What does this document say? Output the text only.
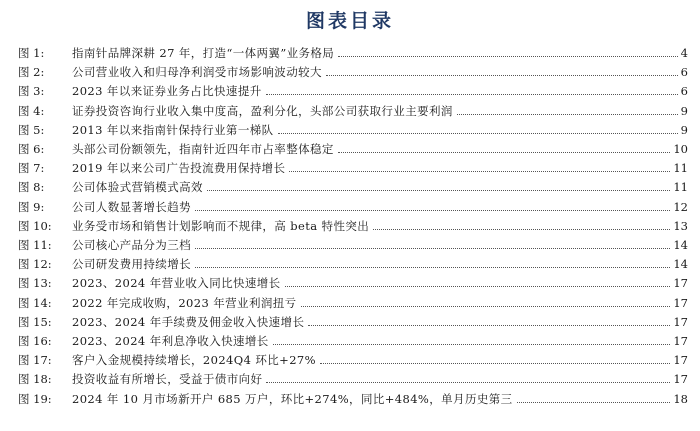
图表目录
图 1: 指南针品牌深耕 27 年，打造“一体两翼”业务格局	4
图 2: 公司营业收入和归母净利润受市场影响波动较大	6
图 3: 2023 年以来证券业务占比快速提升	6
图 4: 证券投资咨询行业收入集中度高，盈利分化，头部公司获取行业主要利润	9
图 5: 2013 年以来指南针保持行业第一梯队	9
图 6: 头部公司份额领先，指南针近四年市占率整体稳定	10
图 7: 2019 年以来公司广告投流费用保持增长	11
图 8: 公司体验式营销模式高效	11
图 9: 公司人数显著增长趋势	12
图 10: 业务受市场和销售计划影响而不规律，高 beta 特性突出	13
图 11: 公司核心产品分为三档	14
图 12: 公司研发费用持续增长	14
图 13: 2023、2024 年营业收入同比快速增长	17
图 14: 2022 年完成收购，2023 年营业利润扭亏	17
图 15: 2023、2024 年手续费及佣金收入快速增长	17
图 16: 2023、2024 年利息净收入快速增长	17
图 17: 客户入金规模持续增长，2024Q4 环比+27%	17
图 18: 投资收益有所增长，受益于债市向好	17
图 19: 2024 年 10 月市场新开户 685 万户，环比+274%，同比+484%，单月历史第三	18
